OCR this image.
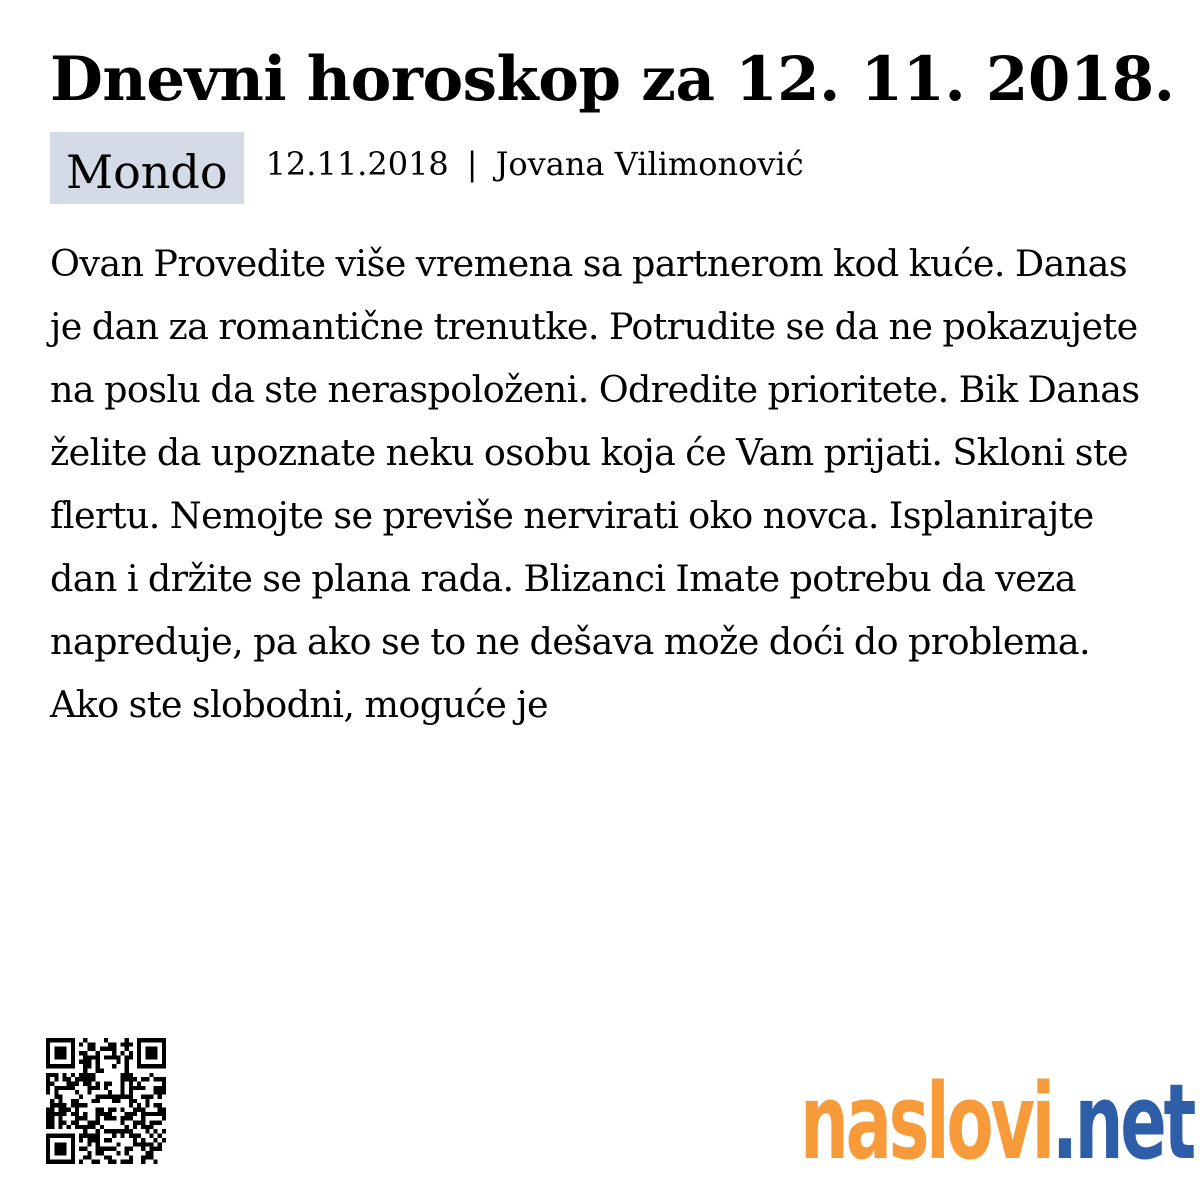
Dnevni horoskop za 12. 11. 2018.
Mondo	12.11.2018 | Jovana Vilimonović

Ovan Provedite više vremena sa partnerom kod kuće. Danas je dan za romantične trenutke. Potrudite se da ne pokazujete na poslu da ste neraspoloženi. Odredite prioritete. Bik Danas želite da upoznate neku osobu koja će Vam prijati. Skloni ste flertu. Nemojte se previše nervirati oko novca. Isplanirajte dan i držite se plana rada. Blizanci Imate potrebu da veza napreduje, pa ako se to ne dešava može doći do problema. Ako ste slobodni, moguće je

naslovi .net
